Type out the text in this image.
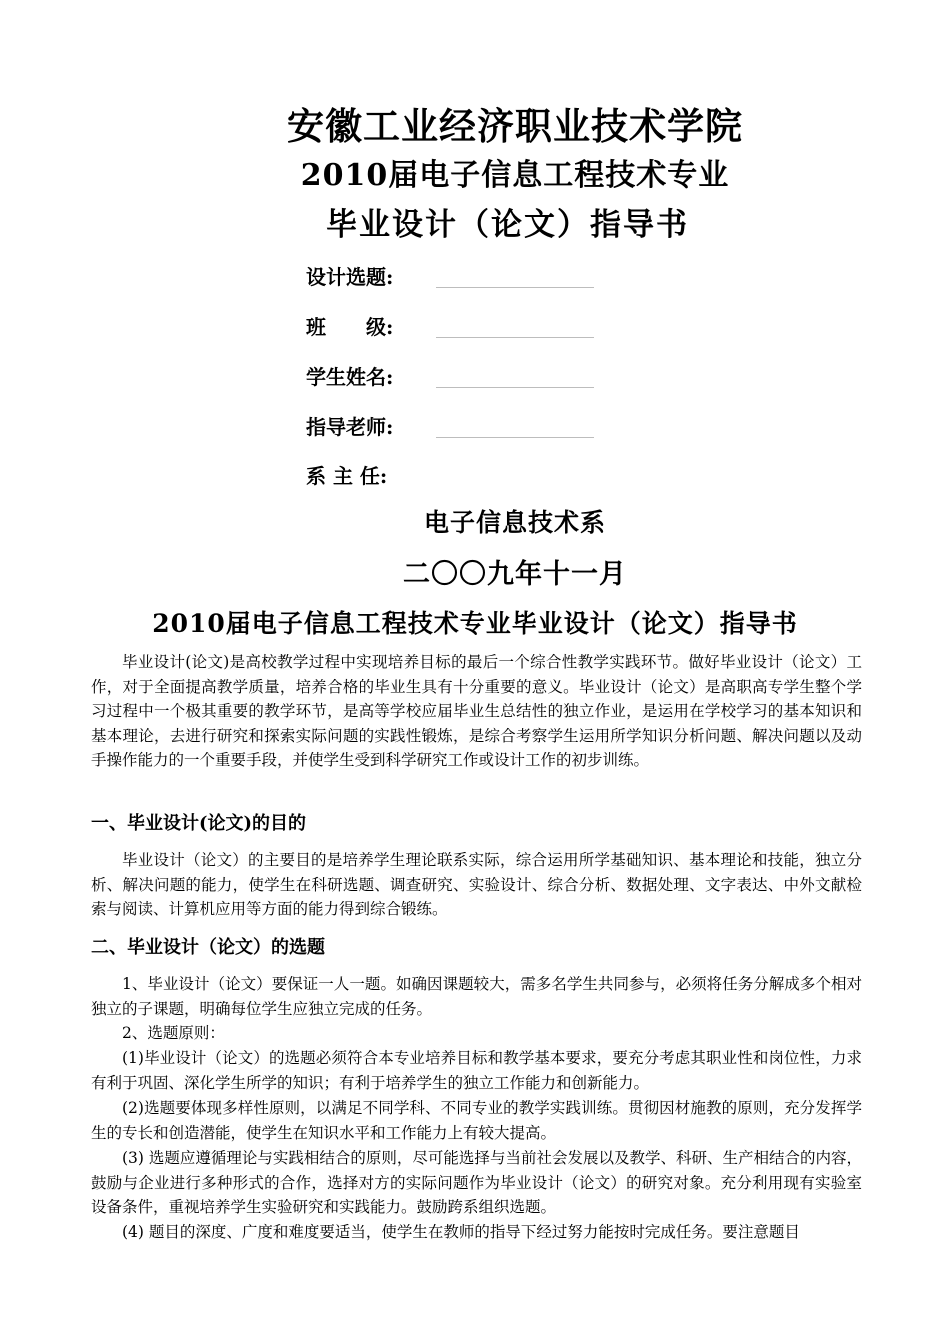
安徽工业经济职业技术学院
2010届电子信息工程技术专业
毕业设计（论文）指导书
设计选题:
班　　级:
学生姓名:
指导老师:
系 主 任:
电子信息技术系
二〇〇九年十一月
2010届电子信息工程技术专业毕业设计（论文）指导书

毕业设计(论文)是高校教学过程中实现培养目标的最后一个综合性教学实践环节。做好毕业设计（论文）工作，对于全面提高教学质量，培养合格的毕业生具有十分重要的意义。毕业设计（论文）是高职高专学生整个学习过程中一个极其重要的教学环节，是高等学校应届毕业生总结性的独立作业，是运用在学校学习的基本知识和基本理论，去进行研究和探索实际问题的实践性锻炼，是综合考察学生运用所学知识分析问题、解决问题以及动手操作能力的一个重要手段，并使学生受到科学研究工作或设计工作的初步训练。

一、毕业设计(论文)的目的

毕业设计（论文）的主要目的是培养学生理论联系实际，综合运用所学基础知识、基本理论和技能，独立分析、解决问题的能力，使学生在科研选题、调查研究、实验设计、综合分析、数据处理、文字表达、中外文献检索与阅读、计算机应用等方面的能力得到综合锻练。

二、毕业设计（论文）的选题

1、毕业设计（论文）要保证一人一题。如确因课题较大，需多名学生共同参与，必须将任务分解成多个相对独立的子课题，明确每位学生应独立完成的任务。

2、选题原则：

(1)毕业设计（论文）的选题必须符合本专业培养目标和教学基本要求，要充分考虑其职业性和岗位性，力求有利于巩固、深化学生所学的知识；有利于培养学生的独立工作能力和创新能力。

(2)选题要体现多样性原则，以满足不同学科、不同专业的教学实践训练。贯彻因材施教的原则，充分发挥学生的专长和创造潜能，使学生在知识水平和工作能力上有较大提高。

(3) 选题应遵循理论与实践相结合的原则，尽可能选择与当前社会发展以及教学、科研、生产相结合的内容，鼓励与企业进行多种形式的合作，选择对方的实际问题作为毕业设计（论文）的研究对象。充分利用现有实验室设备条件，重视培养学生实验研究和实践能力。鼓励跨系组织选题。

(4) 题目的深度、广度和难度要适当，使学生在教师的指导下经过努力能按时完成任务。要注意题目
